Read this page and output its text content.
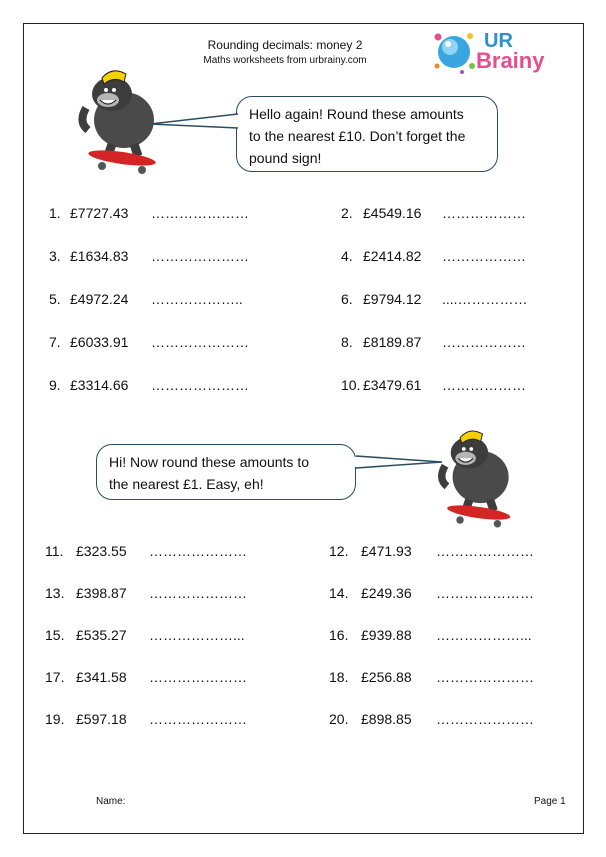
Rounding decimals: money 2
Maths worksheets from urbrainy.com
UR
Brainy
Hello again! Round these amounts
to the nearest £10. Don’t forget the
pound sign!
1. £7727.43 …………………	2. £4549.16 ………………
3. £1634.83 …………………	4. £2414.82 ………………
5. £4972.24 ………………..	6. £9794.12 ....……………
7. £6033.91 …………………	8. £8189.87 ………………
9. £3314.66 …………………	10. £3479.61 ………………
Hi! Now round these amounts to
the nearest £1. Easy, eh!
11. £323.55 …………………	12. £471.93 …………………
13. £398.87 …………………	14. £249.36 …………………
15. £535.27 ………………...	16. £939.88 ………………...
17. £341.58 …………………	18. £256.88 …………………
19. £597.18 …………………	20. £898.85 …………………
Name:	Page 1
